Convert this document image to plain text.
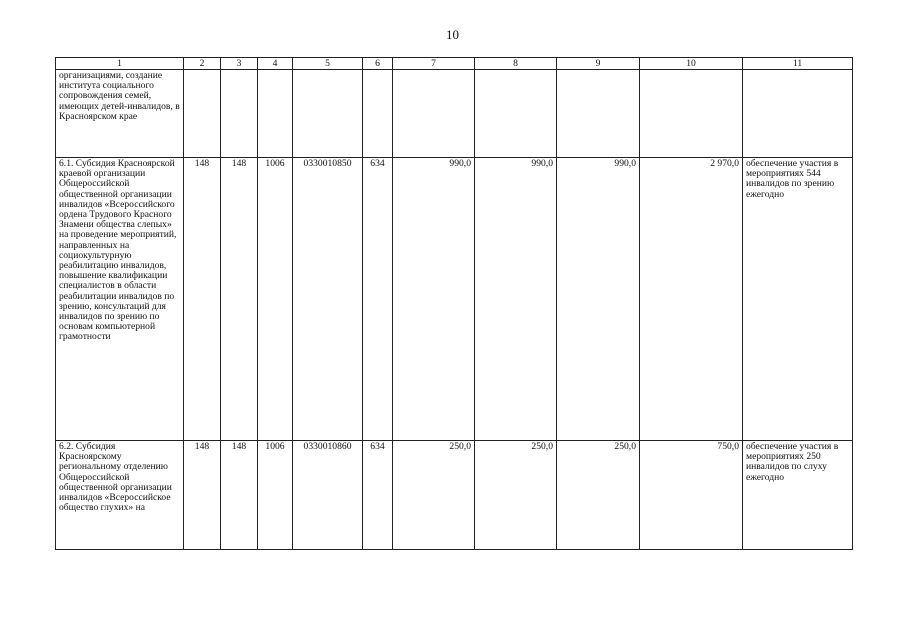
10
1	2	3	4	5	6	7	8	9	10	11
организациями, создание института социального сопровождения семей, имеющих детей-инвалидов, в Красноярском крае										
6.1. Субсидия Красноярской краевой организации Общероссийской общественной организации инвалидов «Всероссийского ордена Трудового Красного Знамени общества слепых» на проведение мероприятий, направленных на социокультурную реабилитацию инвалидов, повышение квалификации специалистов в области реабилитации инвалидов по зрению, консультаций для инвалидов по зрению по основам компьютерной грамотности	148	148	1006	0330010850	634	990,0	990,0	990,0	2 970,0	обеспечение участия в мероприятиях 544 инвалидов по зрению ежегодно
6.2. Субсидия Красноярскому региональному отделению Общероссийской общественной организации инвалидов «Всероссийское общество глухих» на	148	148	1006	0330010860	634	250,0	250,0	250,0	750,0	обеспечение участия в мероприятиях 250 инвалидов по слуху ежегодно
